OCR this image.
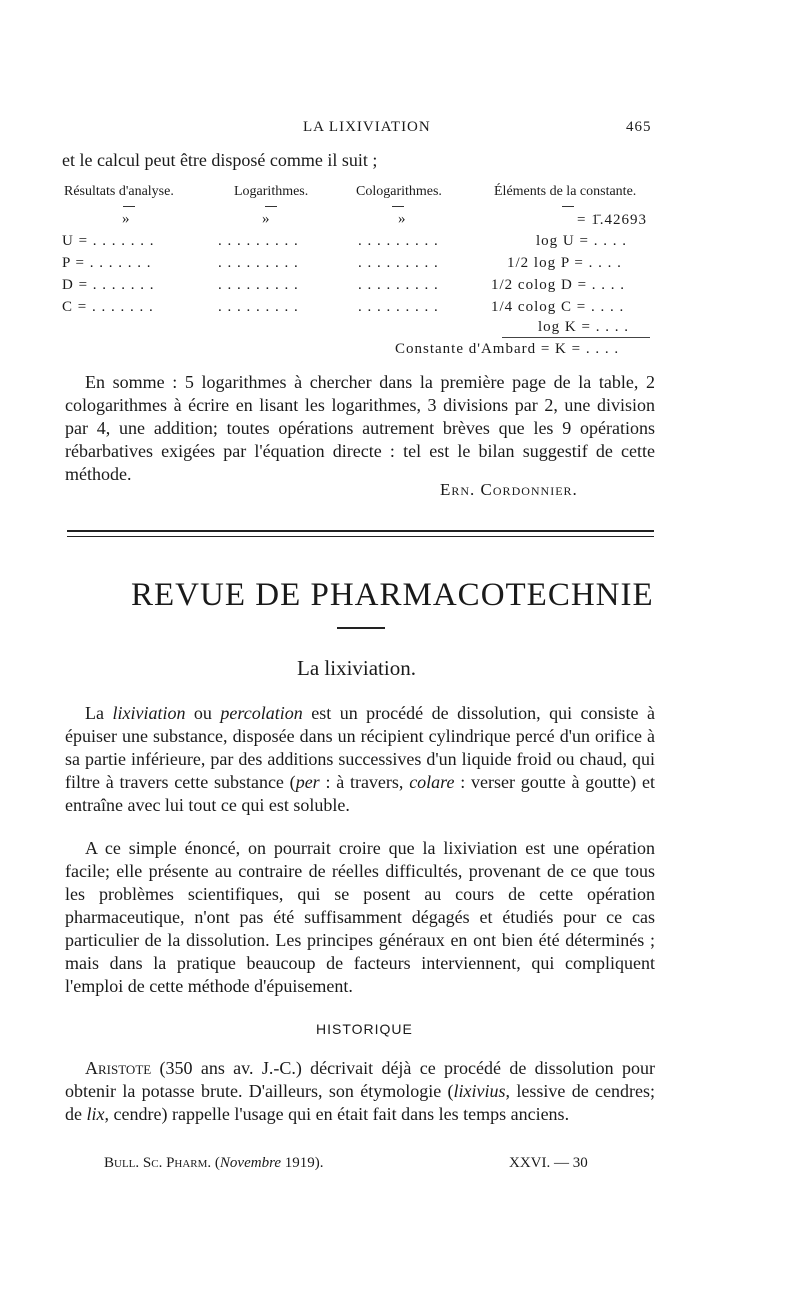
LA LIXIVIATION	465
et le calcul peut être disposé comme il suit ;
Résultats d'analyse.	Logarithmes.	Cologarithmes.	Éléments de la constante.
»	»	»	= 1̄.42693
U = . . . . . . .	. . . . . . . . .	. . . . . . . . .	log U = . . . .
P = . . . . . . .	. . . . . . . . .	. . . . . . . . .	1/2 log P = . . . .
D = . . . . . . .	. . . . . . . . .	. . . . . . . . .	1/2 colog D = . . . .
C = . . . . . . .	. . . . . . . . .	. . . . . . . . .	1/4 colog C = . . . .
log K = . . . .
Constante d'Ambard = K = . . . .
En somme : 5 logarithmes à chercher dans la première page de la table, 2 cologarithmes à écrire en lisant les logarithmes, 3 divisions par 2, une division par 4, une addition; toutes opérations autrement brèves que les 9 opérations rébarbatives exigées par l'équation directe : tel est le bilan suggestif de cette méthode.
Ern. Cordonnier.
REVUE DE PHARMACOTECHNIE
La lixiviation.
La lixiviation ou percolation est un procédé de dissolution, qui consiste à épuiser une substance, disposée dans un récipient cylindrique percé d'un orifice à sa partie inférieure, par des additions successives d'un liquide froid ou chaud, qui filtre à travers cette substance (per : à travers, colare : verser goutte à goutte) et entraîne avec lui tout ce qui est soluble.
A ce simple énoncé, on pourrait croire que la lixiviation est une opération facile; elle présente au contraire de réelles difficultés, provenant de ce que tous les problèmes scientifiques, qui se posent au cours de cette opération pharmaceutique, n'ont pas été suffisamment dégagés et étudiés pour ce cas particulier de la dissolution. Les principes généraux en ont bien été déterminés ; mais dans la pratique beaucoup de facteurs interviennent, qui compliquent l'emploi de cette méthode d'épuisement.
HISTORIQUE
Aristote (350 ans av. J.-C.) décrivait déjà ce procédé de dissolution pour obtenir la potasse brute. D'ailleurs, son étymologie (lixivius, lessive de cendres; de lix, cendre) rappelle l'usage qui en était fait dans les temps anciens.
Bull. Sc. Pharm. (Novembre 1919).	XXVI. — 30
